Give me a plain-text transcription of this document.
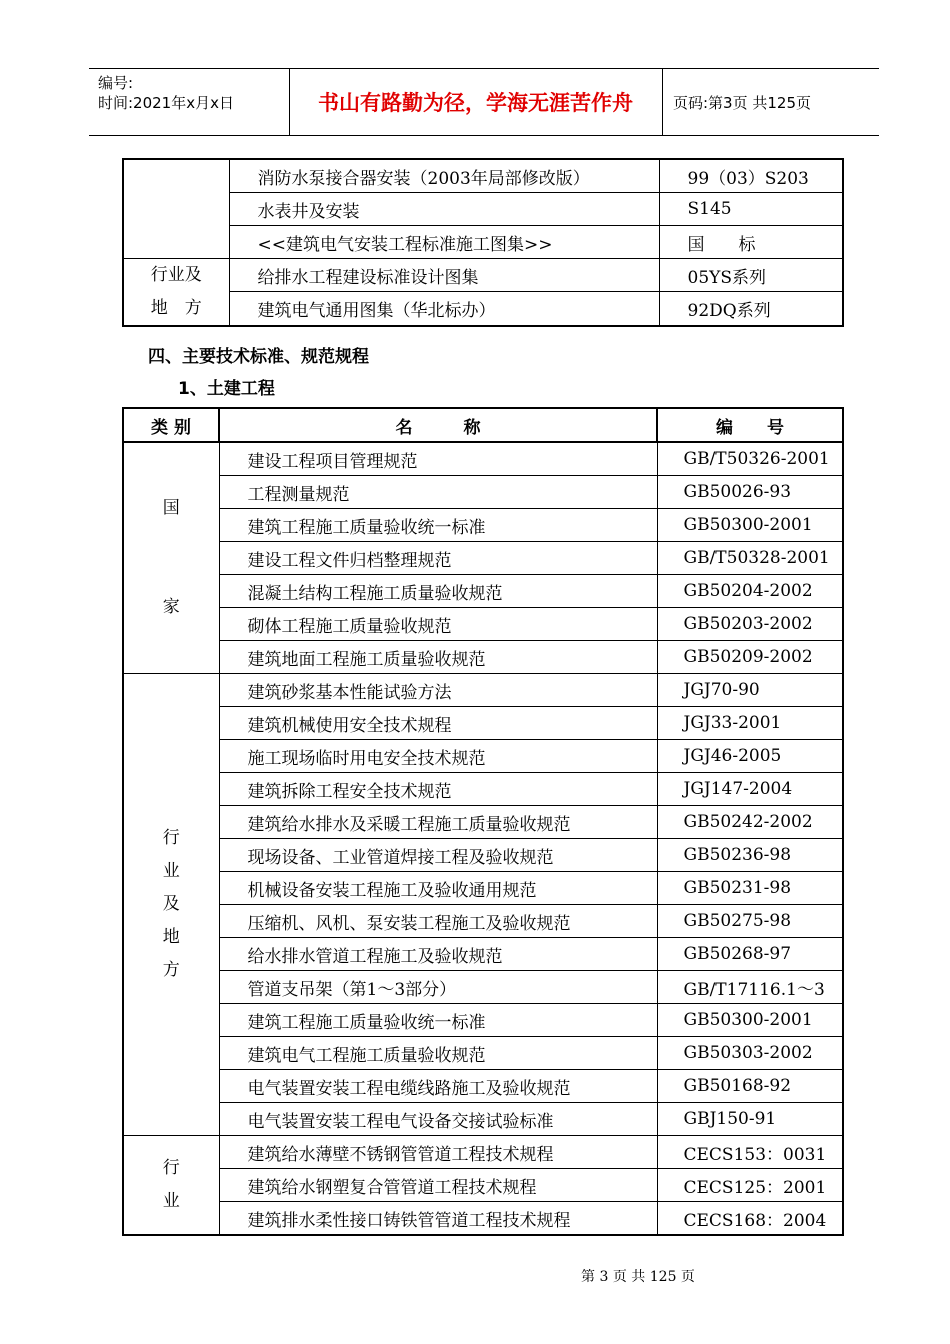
编号:
时间:2021年x月x日	书山有路勤为径，学海无涯苦作舟	页码:第3页 共125页
	消防水泵接合器安装（2003年局部修改版）	99（03）S203
	水表井及安装	S145
	<<建筑电气安装工程标准施工图集>>	国　　标

行业及
地　方	给排水工程建设标准设计图集	05YS系列
	建筑电气通用图集（华北标办）	92DQ系列
四、主要技术标准、规范规程
1、土建工程
类 别	名　　　称	编　　号

国
家	建设工程项目管理规范	GB/T50326-2001
	工程测量规范	GB50026-93
	建筑工程施工质量验收统一标准	GB50300-2001
	建设工程文件归档整理规范	GB/T50328-2001
	混凝土结构工程施工质量验收规范	GB50204-2002
	砌体工程施工质量验收规范	GB50203-2002
	建筑地面工程施工质量验收规范	GB50209-2002

行
业
及
地
方	建筑砂浆基本性能试验方法	JGJ70-90
	建筑机械使用安全技术规程	JGJ33-2001
	施工现场临时用电安全技术规范	JGJ46-2005
	建筑拆除工程安全技术规范	JGJ147-2004
	建筑给水排水及采暖工程施工质量验收规范	GB50242-2002
	现场设备、工业管道焊接工程及验收规范	GB50236-98
	机械设备安装工程施工及验收通用规范	GB50231-98
	压缩机、风机、泵安装工程施工及验收规范	GB50275-98
	给水排水管道工程施工及验收规范	GB50268-97
	管道支吊架（第1～3部分）	GB/T17116.1～3
	建筑工程施工质量验收统一标准	GB50300-2001
	建筑电气工程施工质量验收规范	GB50303-2002
	电气装置安装工程电缆线路施工及验收规范	GB50168-92
	电气装置安装工程电气设备交接试验标准	GBJ150-91

行
业	建筑给水薄壁不锈钢管管道工程技术规程	CECS153：0031
	建筑给水钢塑复合管管道工程技术规程	CECS125：2001
	建筑排水柔性接口铸铁管管道工程技术规程	CECS168：2004
第 3 页 共 125 页
